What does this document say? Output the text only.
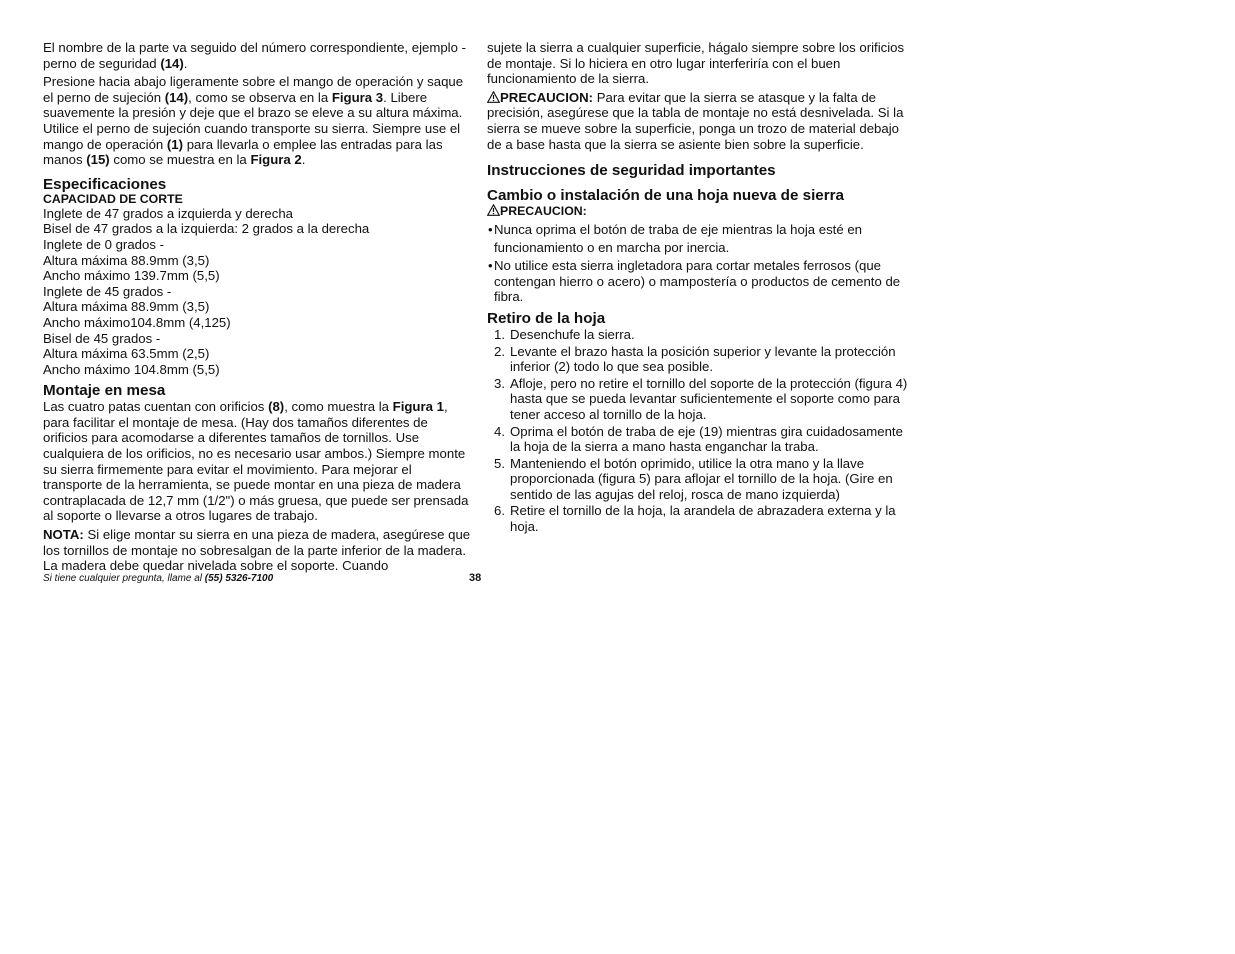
El nombre de la parte va seguido del número correspondiente, ejemplo - perno de seguridad (14).

Presione hacia abajo ligeramente sobre el mango de operación y saque el perno de sujeción (14), como se observa en la Figura 3. Libere suavemente la presión y deje que el brazo se eleve a su altura máxima. Utilice el perno de sujeción cuando transporte su sierra. Siempre use el mango de operación (1) para llevarla o emplee las entradas para las manos (15) como se muestra en la Figura 2.

Especificaciones

CAPACIDAD DE CORTE

Inglete de 47 grados a izquierda y derecha

Bisel de 47 grados a la izquierda: 2 grados a la derecha

Inglete de 0 grados -

Altura máxima 88.9mm (3,5)

Ancho máximo 139.7mm (5,5)

Inglete de 45 grados -

Altura máxima 88.9mm (3,5)

Ancho máximo104.8mm (4,125)

Bisel de 45 grados -

Altura máxima 63.5mm (2,5)

Ancho máximo 104.8mm (5,5)

Montaje en mesa

Las cuatro patas cuentan con orificios (8), como muestra la Figura 1, para facilitar el montaje de mesa. (Hay dos tamaños diferentes de orificios para acomodarse a diferentes tamaños de tornillos. Use cualquiera de los orificios, no es necesario usar ambos.) Siempre monte su sierra firmemente para evitar el movimiento. Para mejorar el transporte de la herramienta, se puede montar en una pieza de madera contraplacada de 12,7 mm (1/2") o más gruesa, que puede ser prensada al soporte o llevarse a otros lugares de trabajo.

NOTA: Si elige montar su sierra en una pieza de madera, asegúrese que los tornillos de montaje no sobresalgan de la parte inferior de la madera. La madera debe quedar nivelada sobre el soporte. Cuando

sujete la sierra a cualquier superficie, hágalo siempre sobre los orificios de montaje. Si lo hiciera en otro lugar interferiría con el buen funcionamiento de la sierra.

PRECAUCION: Para evitar que la sierra se atasque y la falta de precisión, asegúrese que la tabla de montaje no está desnivelada. Si la sierra se mueve sobre la superficie, ponga un trozo de material debajo de a base hasta que la sierra se asiente bien sobre la superficie.

Instrucciones de seguridad importantes

Cambio o instalación de una hoja nueva de sierra

PRECAUCION:

• Nunca oprima el botón de traba de eje mientras la hoja esté en funcionamiento o en marcha por inercia.

• No utilice esta sierra ingletadora para cortar metales ferrosos (que contengan hierro o acero) o mampostería o productos de cemento de fibra.

Retiro de la hoja

1. Desenchufe la sierra.
2. Levante el brazo hasta la posición superior y levante la protección inferior (2) todo lo que sea posible.
3. Afloje, pero no retire el tornillo del soporte de la protección (figura 4) hasta que se pueda levantar suficientemente el soporte como para tener acceso al tornillo de la hoja.
4. Oprima el botón de traba de eje (19) mientras gira cuidadosamente la hoja de la sierra a mano hasta enganchar la traba.
5. Manteniendo el botón oprimido, utilice la otra mano y la llave proporcionada (figura 5) para aflojar el tornillo de la hoja. (Gire en sentido de las agujas del reloj, rosca de mano izquierda)
6. Retire el tornillo de la hoja, la arandela de abrazadera externa y la hoja.
Si tiene cualquier pregunta, llame al (55) 5326-7100	38
